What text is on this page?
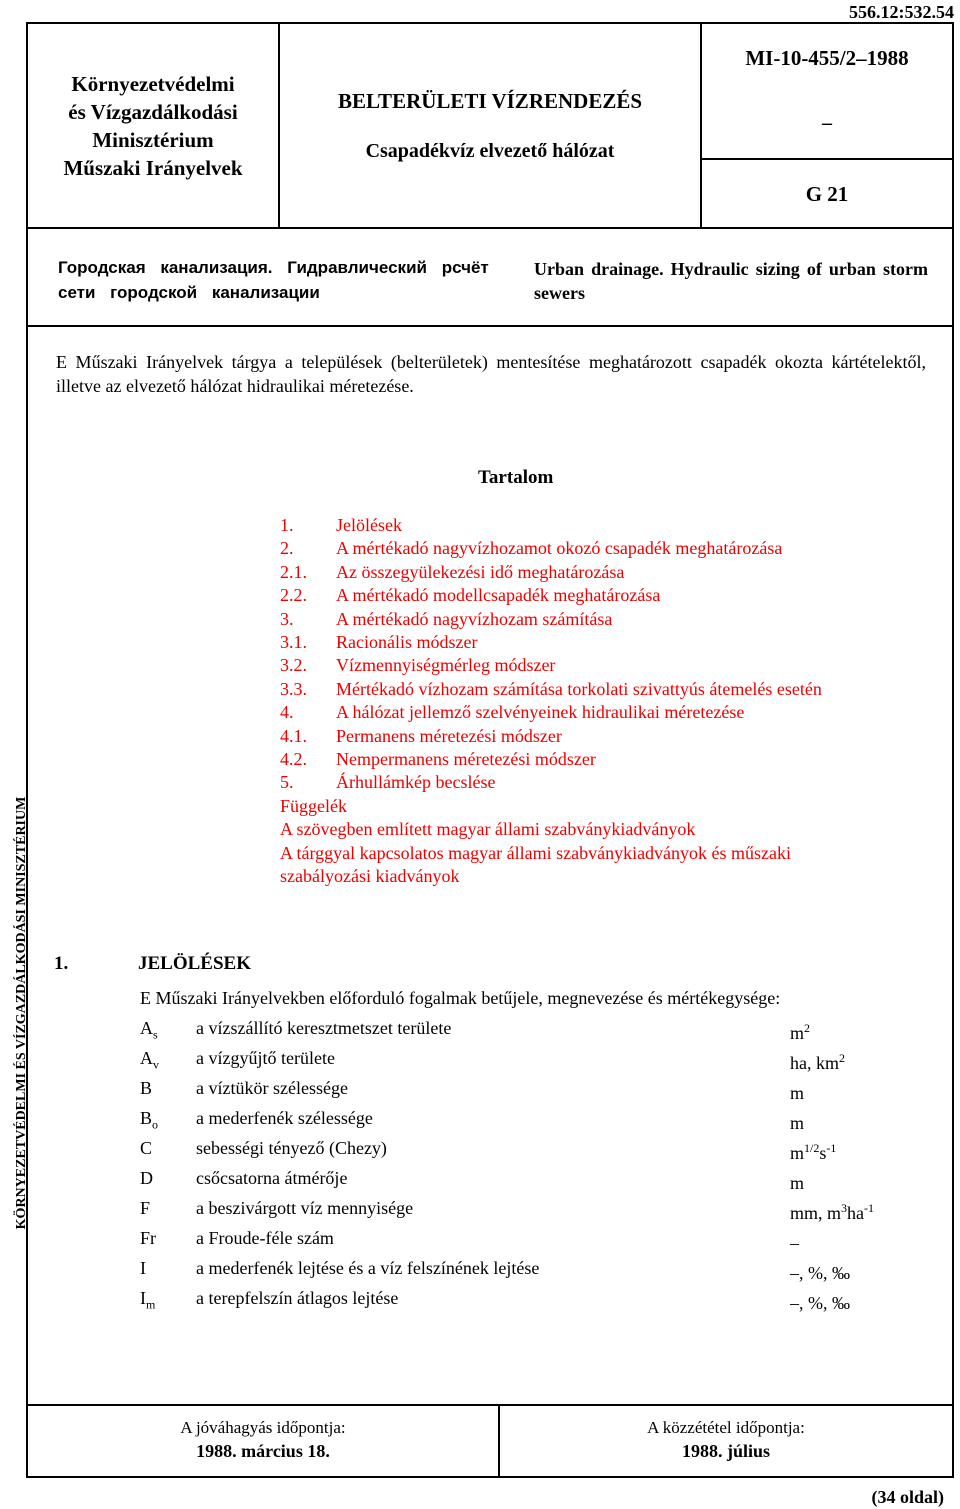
556.12:532.54
Környezetvédelmi
és Vízgazdálkodási
Minisztérium
Műszaki Irányelvek
BELTERÜLETI VÍZRENDEZÉS
Csapadékvíz elvezető hálózat
MI-10-455/2–1988
–
G 21
Городская канализация. Гидравлический рсчёт сети городской канализации
Urban drainage. Hydraulic sizing of urban storm sewers
E Műszaki Irányelvek tárgya a települések (belterületek) mentesítése meghatározott csapadék okozta kártételektől, illetve az elvezető hálózat hidraulikai méretezése.
Tartalom
1.	Jelölések
2.	A mértékadó nagyvízhozamot okozó csapadék meghatározása
2.1.	Az összegyülekezési idő meghatározása
2.2.	A mértékadó modellcsapadék meghatározása
3.	A mértékadó nagyvízhozam számítása
3.1.	Racionális módszer
3.2.	Vízmennyiségmérleg módszer
3.3.	Mértékadó vízhozam számítása torkolati szivattyús átemelés esetén
4.	A hálózat jellemző szelvényeinek hidraulikai méretezése
4.1.	Permanens méretezési módszer
4.2.	Nempermanens méretezési módszer
5.	Árhullámkép becslése
Függelék
A szövegben említett magyar állami szabványkiadványok
A tárggyal kapcsolatos magyar állami szabványkiadványok és műszaki szabályozási kiadványok
1.	JELÖLÉSEK
E Műszaki Irányelvekben előforduló fogalmak betűjele, megnevezése és mértékegysége:
$A_s$	a vízszállító keresztmetszet területe	$m^2$
$A_v$	a vízgyűjtő területe	ha, $km^2$
B	a víztükör szélessége	m
$B_o$	a mederfenék szélessége	m
C	sebességi tényező (Chezy)	$m^{1/2}s^{-1}$
D	csőcsatorna átmérője	m
F	a beszivárgott víz mennyisége	mm, $m^3ha^{-1}$
Fr	a Froude-féle szám	–
I	a mederfenék lejtése és a víz felszínének lejtése	–, %, ‰
$I_m$	a terepfelszín átlagos lejtése	–, %, ‰
A jóváhagyás időpontja:
1988. március 18.
A közzététel időpontja:
1988. július
KÖRNYEZETVÉDELMI ÉS VÍZGAZDÁLKODÁSI MINISZTÉRIUM
(34 oldal)
